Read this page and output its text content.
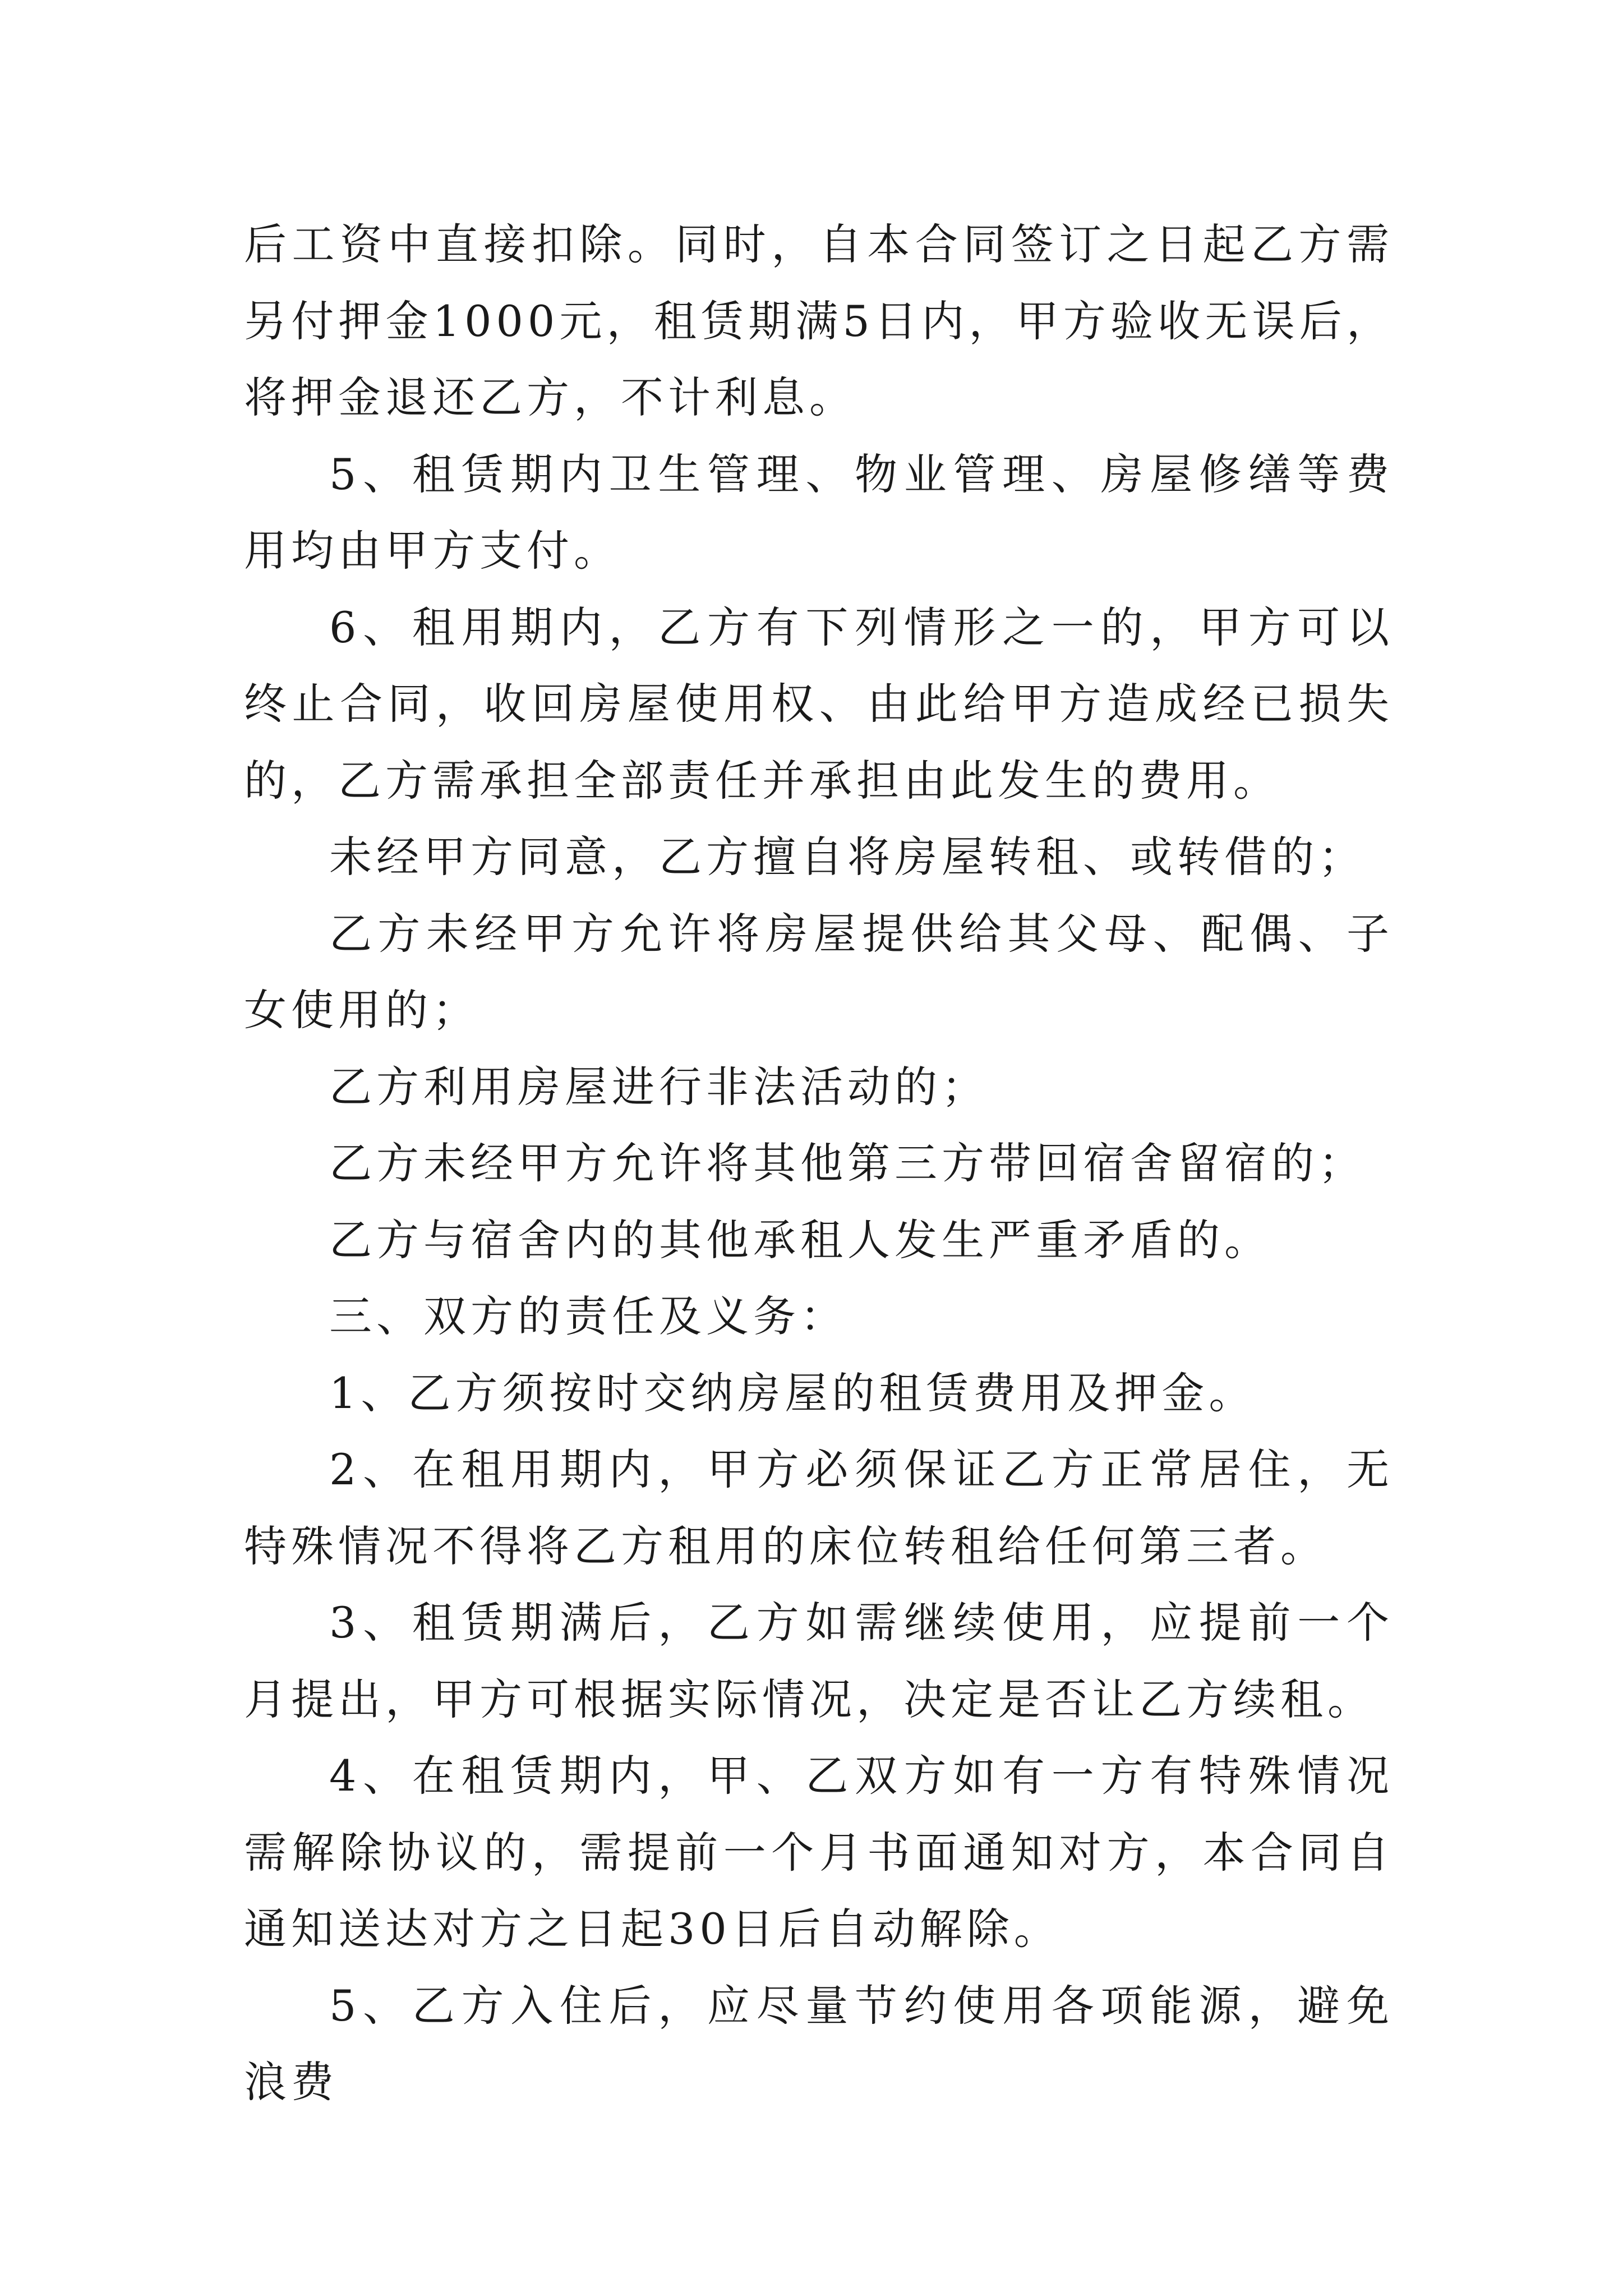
后工资中直接扣除。同时，自本合同签订之日起乙方需另付押金1000元，租赁期满5日内，甲方验收无误后，将押金退还乙方，不计利息。

5、租赁期内卫生管理、物业管理、房屋修缮等费用均由甲方支付。

6、租用期内，乙方有下列情形之一的，甲方可以终止合同，收回房屋使用权、由此给甲方造成经已损失的，乙方需承担全部责任并承担由此发生的费用。

未经甲方同意，乙方擅自将房屋转租、或转借的；

乙方未经甲方允许将房屋提供给其父母、配偶、子女使用的；

乙方利用房屋进行非法活动的；

乙方未经甲方允许将其他第三方带回宿舍留宿的；

乙方与宿舍内的其他承租人发生严重矛盾的。

三、双方的责任及义务：

1、乙方须按时交纳房屋的租赁费用及押金。

2、在租用期内，甲方必须保证乙方正常居住，无特殊情况不得将乙方租用的床位转租给任何第三者。

3、租赁期满后，乙方如需继续使用，应提前一个月提出，甲方可根据实际情况，决定是否让乙方续租。

4、在租赁期内，甲、乙双方如有一方有特殊情况需解除协议的，需提前一个月书面通知对方，本合同自通知送达对方之日起30日后自动解除。

5、乙方入住后，应尽量节约使用各项能源，避免浪费
